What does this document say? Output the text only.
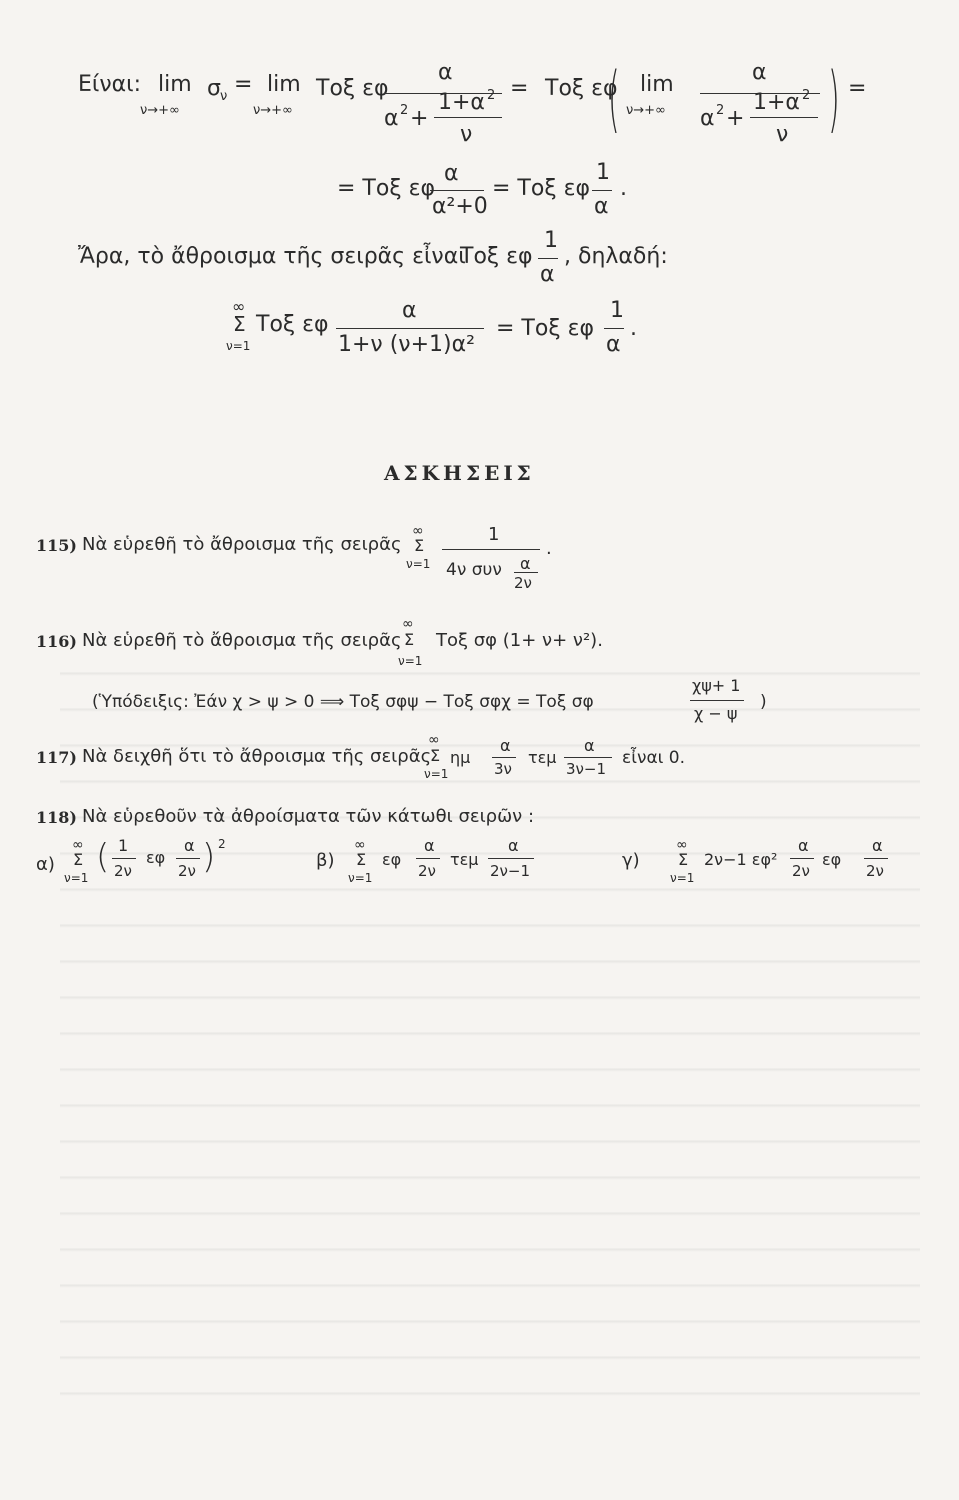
Είναι: lim
ν→+∞
σ ν = lim
ν→+∞
Τοξ εφ
α
α 2 +
1+α 2
ν
= Τοξ εφ
( lim
ν→+∞
α
α 2 +
1+α 2
ν ) =
= Τοξ εφ
α
α²+0
= Τοξ εφ
1
α
.
Ἄρα, τὸ ἄθροισμα τῆς σειρᾶς εἶναι
Τοξ εφ
1
α
, δηλαδή:
∞
Σ
ν=1
Τοξ εφ
α
1+ν (ν+1)α²
= Τοξ εφ
1
α
.
ΑΣΚΗΣΕΙΣ
115) Νὰ εὑρεθῆ τὸ ἄθροισμα τῆς σειρᾶς
∞
Σ
ν=1
1
4ν συν α
2ν
.
116) Νὰ εὑρεθῆ τὸ ἄθροισμα τῆς σειρᾶς
∞
Σ
ν=1
Τοξ σφ (1+ ν+ ν²).
(Ὑπόδειξις: Ἐάν χ > ψ > 0 ⟹ Τοξ σφψ − Τοξ σφχ = Τοξ σφ
χψ+ 1
χ − ψ
)
117) Νὰ δειχθῆ ὅτι τὸ ἄθροισμα τῆς σειρᾶς
∞
Σ
ν=1
ημ
α
3ν
τεμ
α
3ν−1
εἶναι 0.
118) Νὰ εὑρεθοῦν τὰ ἀθροίσματα τῶν κάτωθι σειρῶν :
α)
∞
Σ
ν=1
( 1
2ν
εφ
α
2ν ) 2
β)
∞
Σ
ν=1
εφ
α
2ν
τεμ
α
2ν−1	γ)
∞
Σ
ν=1
2ν−1 εφ²
α
2ν
εφ
α
2ν
